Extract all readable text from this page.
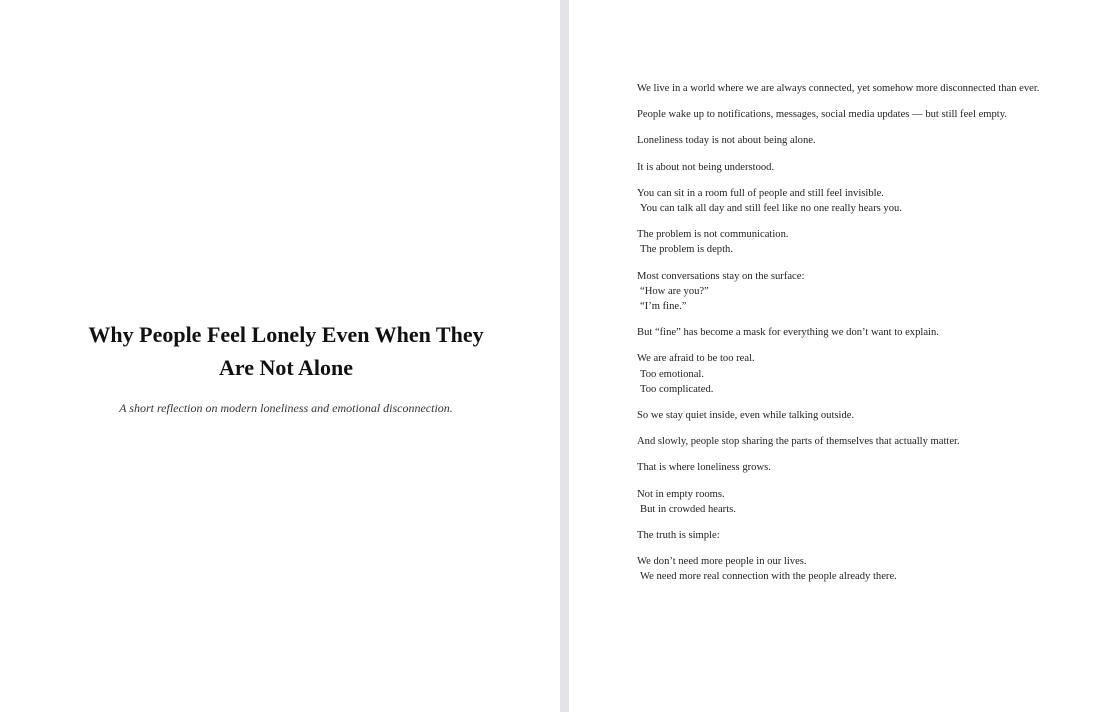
Why People Feel Lonely Even When They
Are Not Alone

A short reflection on modern loneliness and emotional disconnection.

We live in a world where we are always connected, yet somehow more disconnected than ever.

People wake up to notifications, messages, social media updates — but still feel empty.

Loneliness today is not about being alone.

It is about not being understood.

You can sit in a room full of people and still feel invisible.
You can talk all day and still feel like no one really hears you.

The problem is not communication.
The problem is depth.

Most conversations stay on the surface:
“How are you?”
“I’m fine.”

But “fine” has become a mask for everything we don’t want to explain.

We are afraid to be too real.
Too emotional.
Too complicated.

So we stay quiet inside, even while talking outside.

And slowly, people stop sharing the parts of themselves that actually matter.

That is where loneliness grows.

Not in empty rooms.
But in crowded hearts.

The truth is simple:

We don’t need more people in our lives.
We need more real connection with the people already there.
